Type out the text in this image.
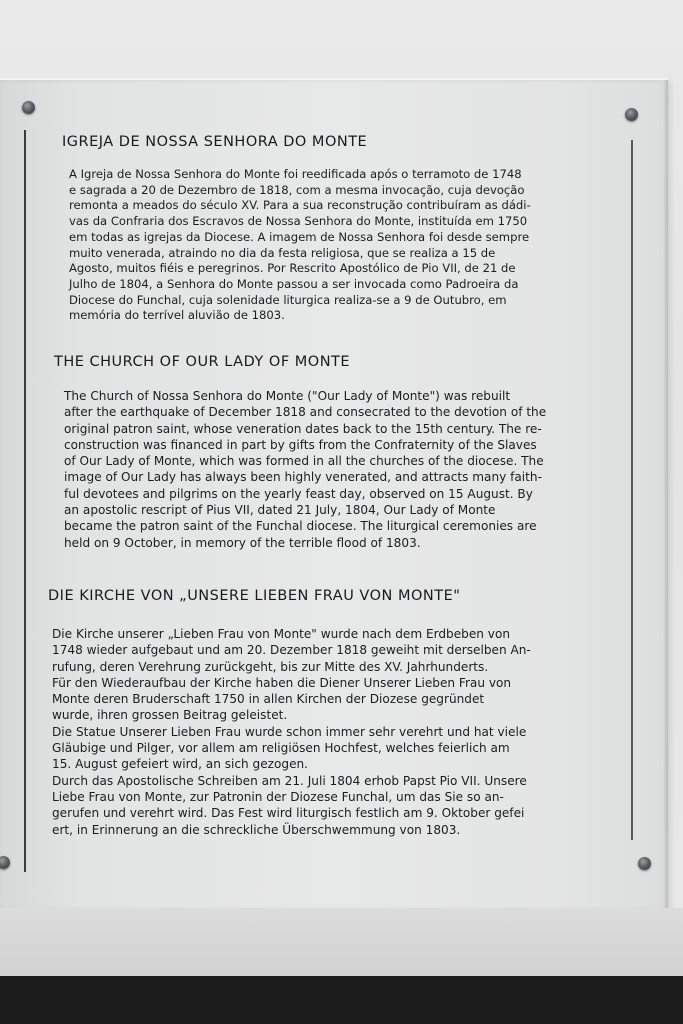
IGREJA DE NOSSA SENHORA DO MONTE

A Igreja de Nossa Senhora do Monte foi reedificada após o terramoto de 1748
e sagrada a 20 de Dezembro de 1818, com a mesma invocação, cuja devoção
remonta a meados do século XV. Para a sua reconstrução contribuíram as dádi-
vas da Confraria dos Escravos de Nossa Senhora do Monte, instituída em 1750
em todas as igrejas da Diocese. A imagem de Nossa Senhora foi desde sempre
muito venerada, atraindo no dia da festa religiosa, que se realiza a 15 de
Agosto, muitos fiéis e peregrinos. Por Rescrito Apostólico de Pio VII, de 21 de
Julho de 1804, a Senhora do Monte passou a ser invocada como Padroeira da
Diocese do Funchal, cuja solenidade liturgica realiza-se a 9 de Outubro, em
memória do terrível aluvião de 1803.

THE CHURCH OF OUR LADY OF MONTE

The Church of Nossa Senhora do Monte ("Our Lady of Monte") was rebuilt
after the earthquake of December 1818 and consecrated to the devotion of the
original patron saint, whose veneration dates back to the 15th century. The re-
construction was financed in part by gifts from the Confraternity of the Slaves
of Our Lady of Monte, which was formed in all the churches of the diocese. The
image of Our Lady has always been highly venerated, and attracts many faith-
ful devotees and pilgrims on the yearly feast day, observed on 15 August. By
an apostolic rescript of Pius VII, dated 21 July, 1804, Our Lady of Monte
became the patron saint of the Funchal diocese. The liturgical ceremonies are
held on 9 October, in memory of the terrible flood of 1803.

DIE KIRCHE VON „UNSERE LIEBEN FRAU VON MONTE"

Die Kirche unserer „Lieben Frau von Monte" wurde nach dem Erdbeben von
1748 wieder aufgebaut und am 20. Dezember 1818 geweiht mit derselben An-
rufung, deren Verehrung zurückgeht, bis zur Mitte des XV. Jahrhunderts.
Für den Wiederaufbau der Kirche haben die Diener Unserer Lieben Frau von
Monte deren Bruderschaft 1750 in allen Kirchen der Diozese gegründet
wurde, ihren grossen Beitrag geleistet.
Die Statue Unserer Lieben Frau wurde schon immer sehr verehrt und hat viele
Gläubige und Pilger, vor allem am religiösen Hochfest, welches feierlich am
15. August gefeiert wird, an sich gezogen.
Durch das Apostolische Schreiben am 21. Juli 1804 erhob Papst Pio VII. Unsere
Liebe Frau von Monte, zur Patronin der Diozese Funchal, um das Sie so an-
gerufen und verehrt wird. Das Fest wird liturgisch festlich am 9. Oktober gefei
ert, in Erinnerung an die schreckliche Überschwemmung von 1803.
